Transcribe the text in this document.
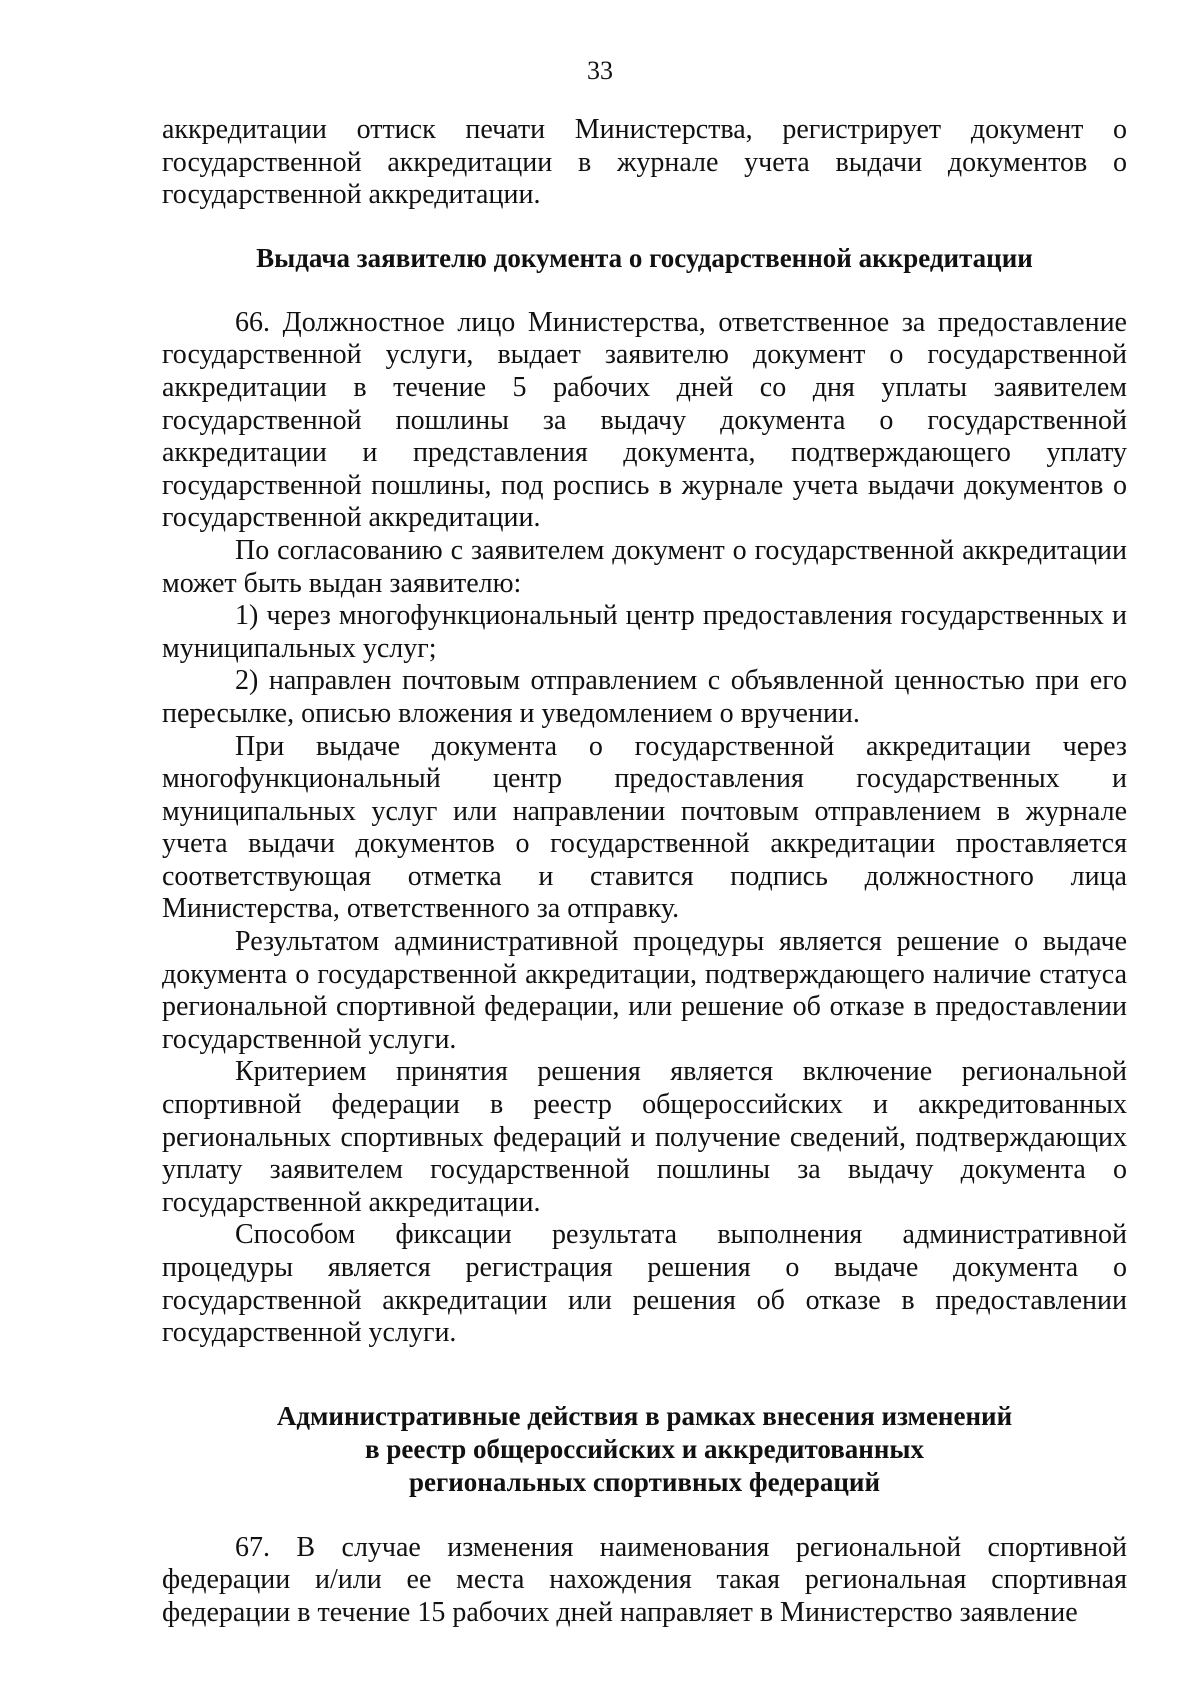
33

аккредитации оттиск печати Министерства, регистрирует документ о государственной аккредитации в журнале учета выдачи документов о государственной аккредитации.

Выдача заявителю документа о государственной аккредитации

66. Должностное лицо Министерства, ответственное за предоставление государственной услуги, выдает заявителю документ о государственной аккредитации в течение 5 рабочих дней со дня уплаты заявителем государственной пошлины за выдачу документа о государственной аккредитации и представления документа, подтверждающего уплату государственной пошлины, под роспись в журнале учета выдачи документов о государственной аккредитации.

По согласованию с заявителем документ о государственной аккредитации может быть выдан заявителю:

1) через многофункциональный центр предоставления государственных и муниципальных услуг;

2) направлен почтовым отправлением с объявленной ценностью при его пересылке, описью вложения и уведомлением о вручении.

При выдаче документа о государственной аккредитации через многофункциональный центр предоставления государственных и муниципальных услуг или направлении почтовым отправлением в журнале учета выдачи документов о государственной аккредитации проставляется соответствующая отметка и ставится подпись должностного лица Министерства, ответственного за отправку.

Результатом административной процедуры является решение о выдаче документа о государственной аккредитации, подтверждающего наличие статуса региональной спортивной федерации, или решение об отказе в предоставлении государственной услуги.

Критерием принятия решения является включение региональной спортивной федерации в реестр общероссийских и аккредитованных региональных спортивных федераций и получение сведений, подтверждающих уплату заявителем государственной пошлины за выдачу документа о государственной аккредитации.

Способом фиксации результата выполнения административной процедуры является регистрация решения о выдаче документа о государственной аккредитации или решения об отказе в предоставлении государственной услуги.

Административные действия в рамках внесения изменений
в реестр общероссийских и аккредитованных
региональных спортивных федераций

67. В случае изменения наименования региональной спортивной федерации и/или ее места нахождения такая региональная спортивная федерации в течение 15 рабочих дней направляет в Министерство заявление
